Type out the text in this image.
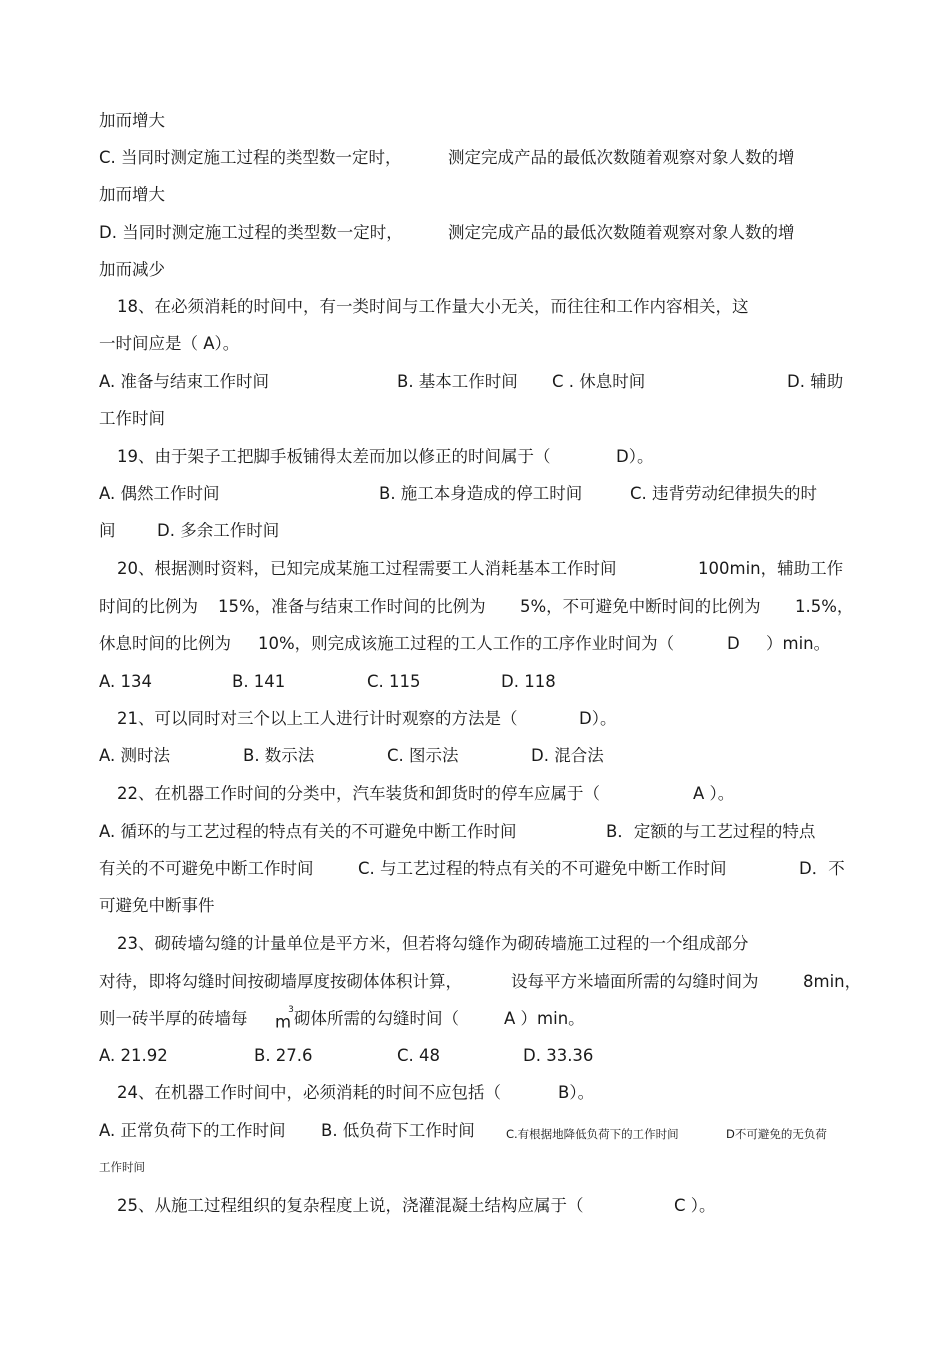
加而增大
C. 当同时测定施工过程的类型数一定时，	测定完成产品的最低次数随着观察对象人数的增
加而增大
D. 当同时测定施工过程的类型数一定时，	测定完成产品的最低次数随着观察对象人数的增
加而减少
18、在必须消耗的时间中，有一类时间与工作量大小无关，而往往和工作内容相关，这
一时间应是（ A）。
A. 准备与结束工作时间	B. 基本工作时间 C . 休息时间	D. 辅助
工作时间
19、由于架子工把脚手板铺得太差而加以修正的时间属于（	D）。
A. 偶然工作时间	B. 施工本身造成的停工时间	C. 违背劳动纪律损失的时
间	D. 多余工作时间
20、根据测时资料，已知完成某施工过程需要工人消耗基本工作时间	100min，辅助工作
时间的比例为 15%，准备与结束工作时间的比例为 5%，不可避免中断时间的比例为 1.5%，
休息时间的比例为 10%，则完成该施工过程的工人工作的工序作业时间为（	D ）min。
A. 134	B. 141	C. 115	D. 118
21、可以同时对三个以上工人进行计时观察的方法是（	D）。
A. 测时法	B. 数示法	C. 图示法	D. 混合法
22、在机器工作时间的分类中，汽车装货和卸货时的停车应属于（	A ）。
A. 循环的与工艺过程的特点有关的不可避免中断工作时间	B．定额的与工艺过程的特点
有关的不可避免中断工作时间	C. 与工艺过程的特点有关的不可避免中断工作时间	D．不
可避免中断事件
23、砌砖墙勾缝的计量单位是平方米，但若将勾缝作为砌砖墙施工过程的一个组成部分
对待，即将勾缝时间按砌墙厚度按砌体体积计算，	设每平方米墙面所需的勾缝时间为	8min，
则一砖半厚的砖墙每 $m^3$ 砌体所需的勾缝时间（	A ）min。
A. 21.92	B. 27.6	C. 48	D. 33.36
24、在机器工作时间中，必须消耗的时间不应包括（	B）。
A. 正常负荷下的工作时间 B. 低负荷下工作时间	C.有根据地降低负荷下的工作时间	D不可避免的无负荷
工作时间
25、从施工过程组织的复杂程度上说，浇灌混凝土结构应属于（	C ）。
